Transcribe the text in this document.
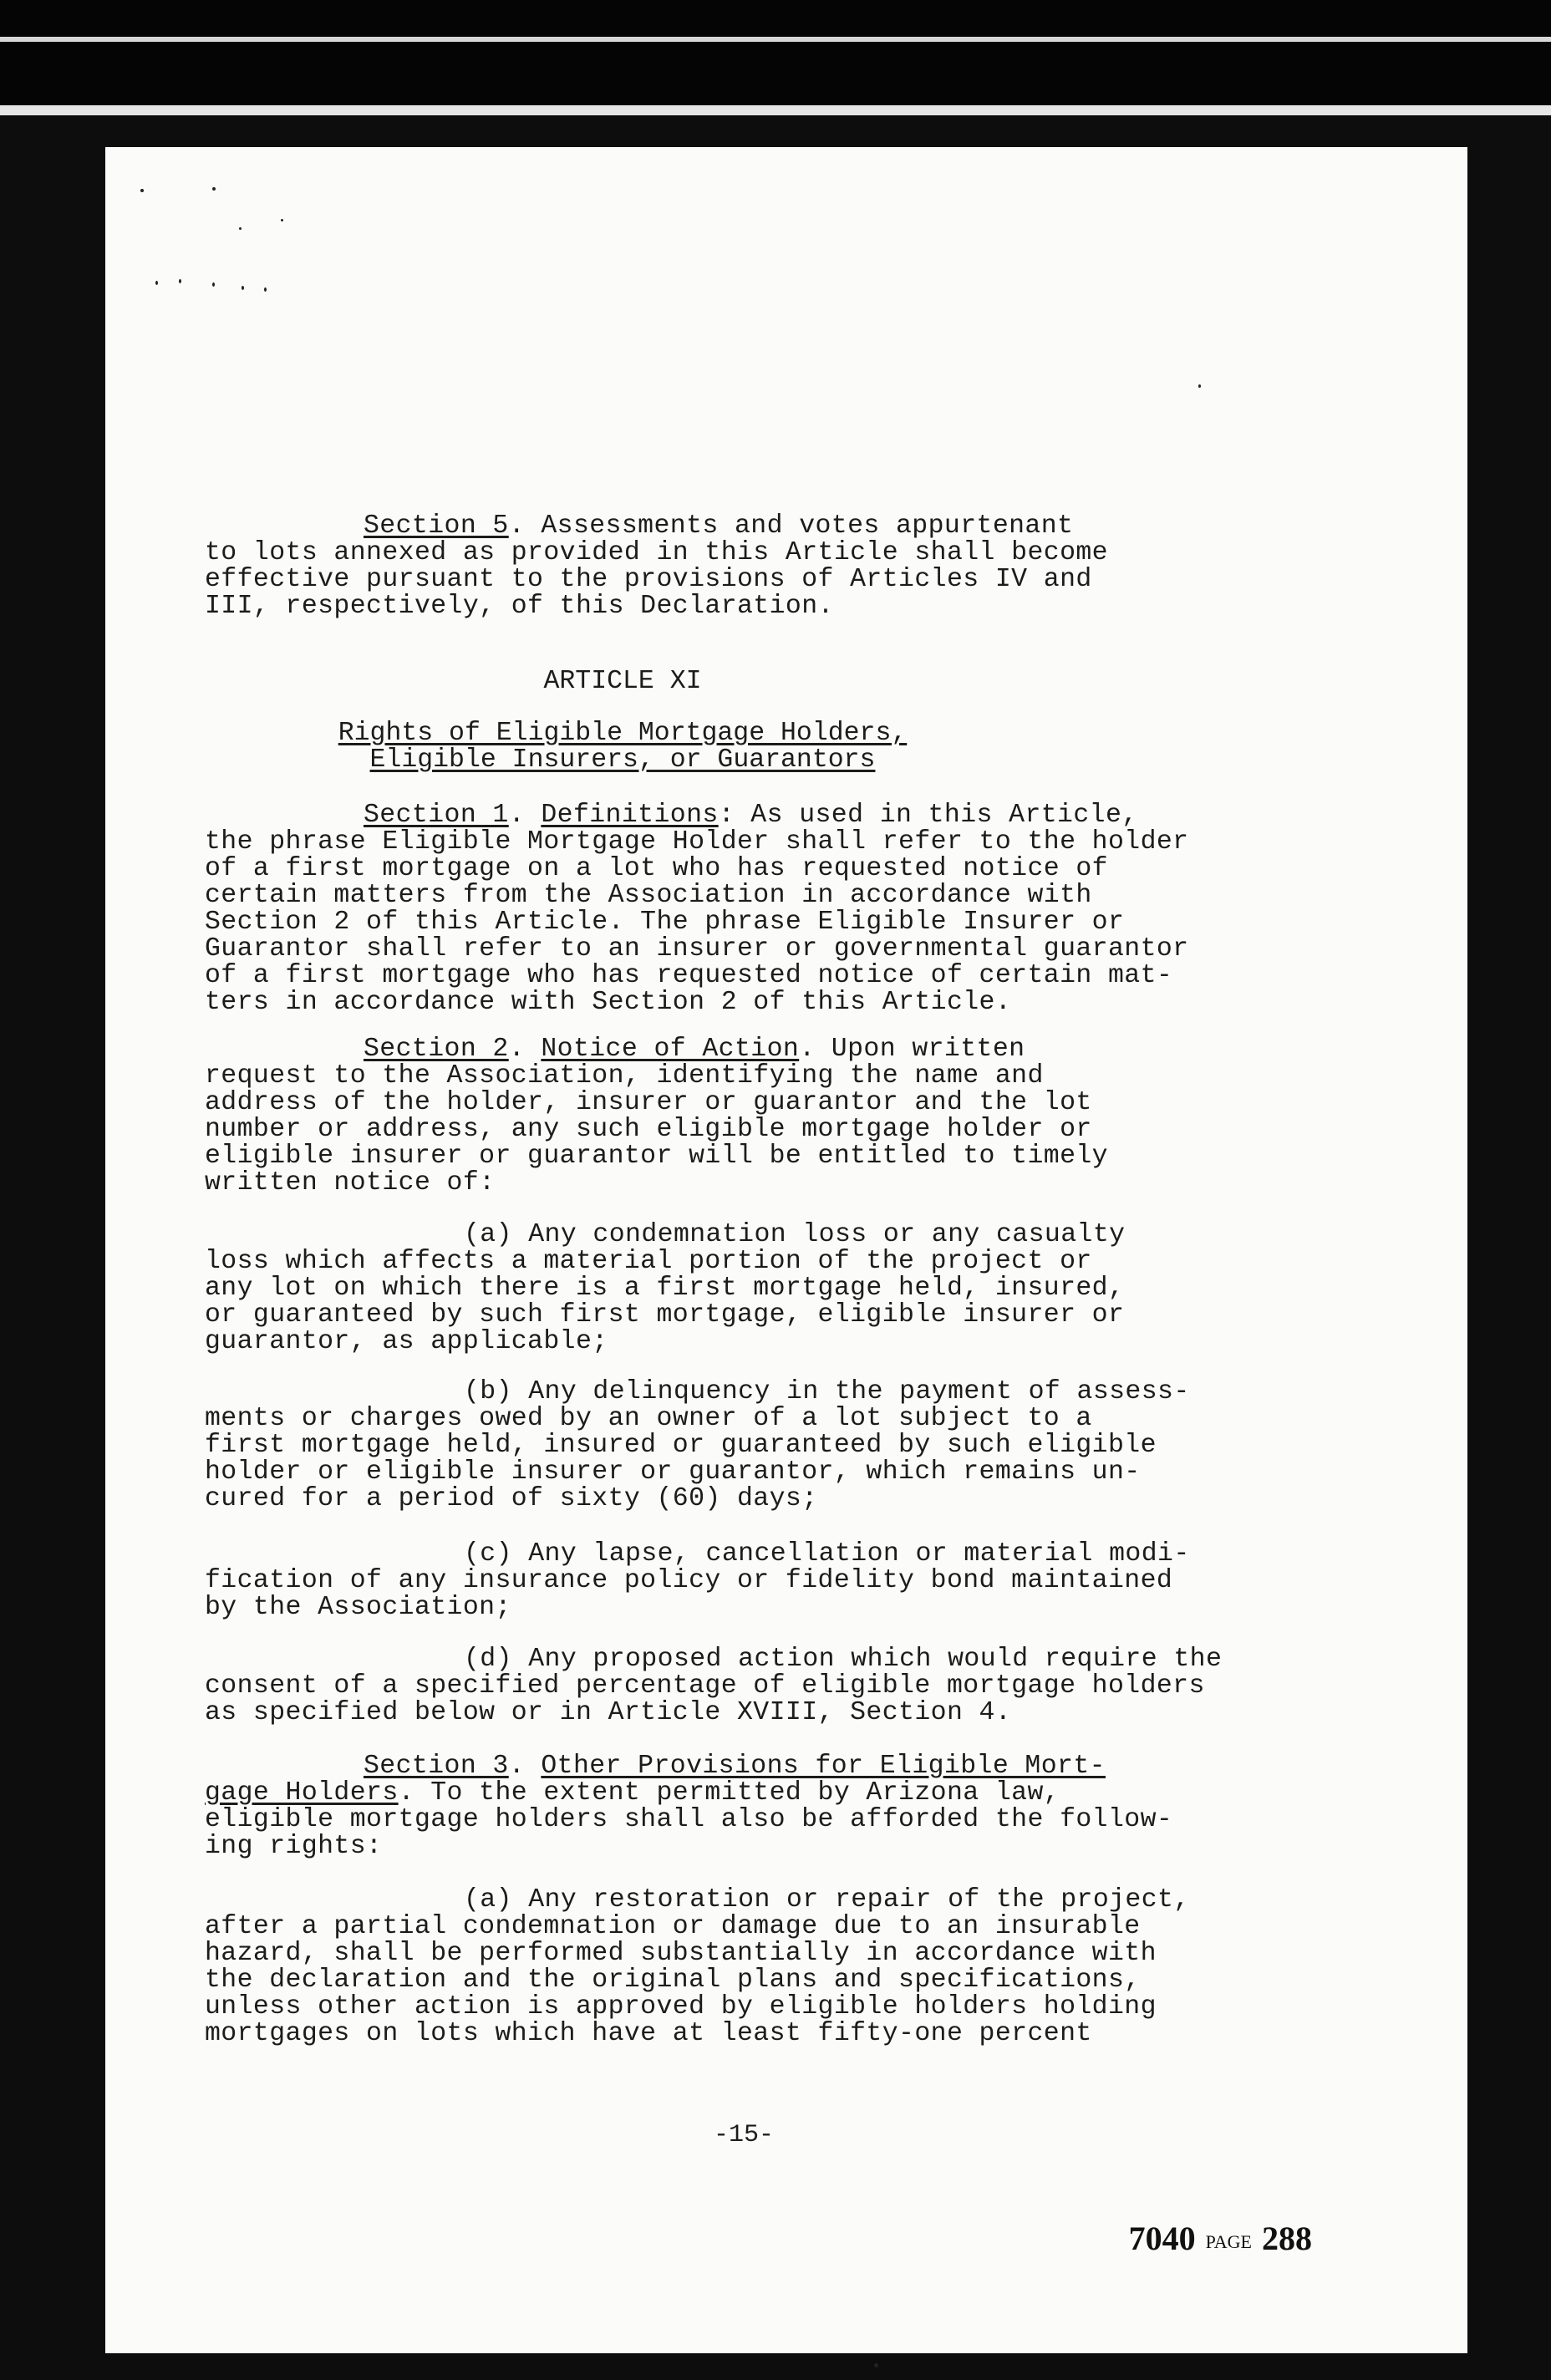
Section 5. Assessments and votes appurtenant
to lots annexed as provided in this Article shall become
effective pursuant to the provisions of Articles IV and
III, respectively, of this Declaration.
ARTICLE XI
Rights of Eligible Mortgage Holders,
Eligible Insurers, or Guarantors
Section 1. Definitions: As used in this Article,
the phrase Eligible Mortgage Holder shall refer to the holder
of a first mortgage on a lot who has requested notice of
certain matters from the Association in accordance with
Section 2 of this Article. The phrase Eligible Insurer or
Guarantor shall refer to an insurer or governmental guarantor
of a first mortgage who has requested notice of certain mat-
ters in accordance with Section 2 of this Article.
Section 2. Notice of Action. Upon written
request to the Association, identifying the name and
address of the holder, insurer or guarantor and the lot
number or address, any such eligible mortgage holder or
eligible insurer or guarantor will be entitled to timely
written notice of:
(a) Any condemnation loss or any casualty
loss which affects a material portion of the project or
any lot on which there is a first mortgage held, insured,
or guaranteed by such first mortgage, eligible insurer or
guarantor, as applicable;
(b) Any delinquency in the payment of assess-
ments or charges owed by an owner of a lot subject to a
first mortgage held, insured or guaranteed by such eligible
holder or eligible insurer or guarantor, which remains un-
cured for a period of sixty (60) days;
(c) Any lapse, cancellation or material modi-
fication of any insurance policy or fidelity bond maintained
by the Association;
(d) Any proposed action which would require the
consent of a specified percentage of eligible mortgage holders
as specified below or in Article XVIII, Section 4.
Section 3. Other Provisions for Eligible Mort-
gage Holders. To the extent permitted by Arizona law,
eligible mortgage holders shall also be afforded the follow-
ing rights:
(a) Any restoration or repair of the project,
after a partial condemnation or damage due to an insurable
hazard, shall be performed substantially in accordance with
the declaration and the original plans and specifications,
unless other action is approved by eligible holders holding
mortgages on lots which have at least fifty-one percent
-15-
7040 PAGE 288
